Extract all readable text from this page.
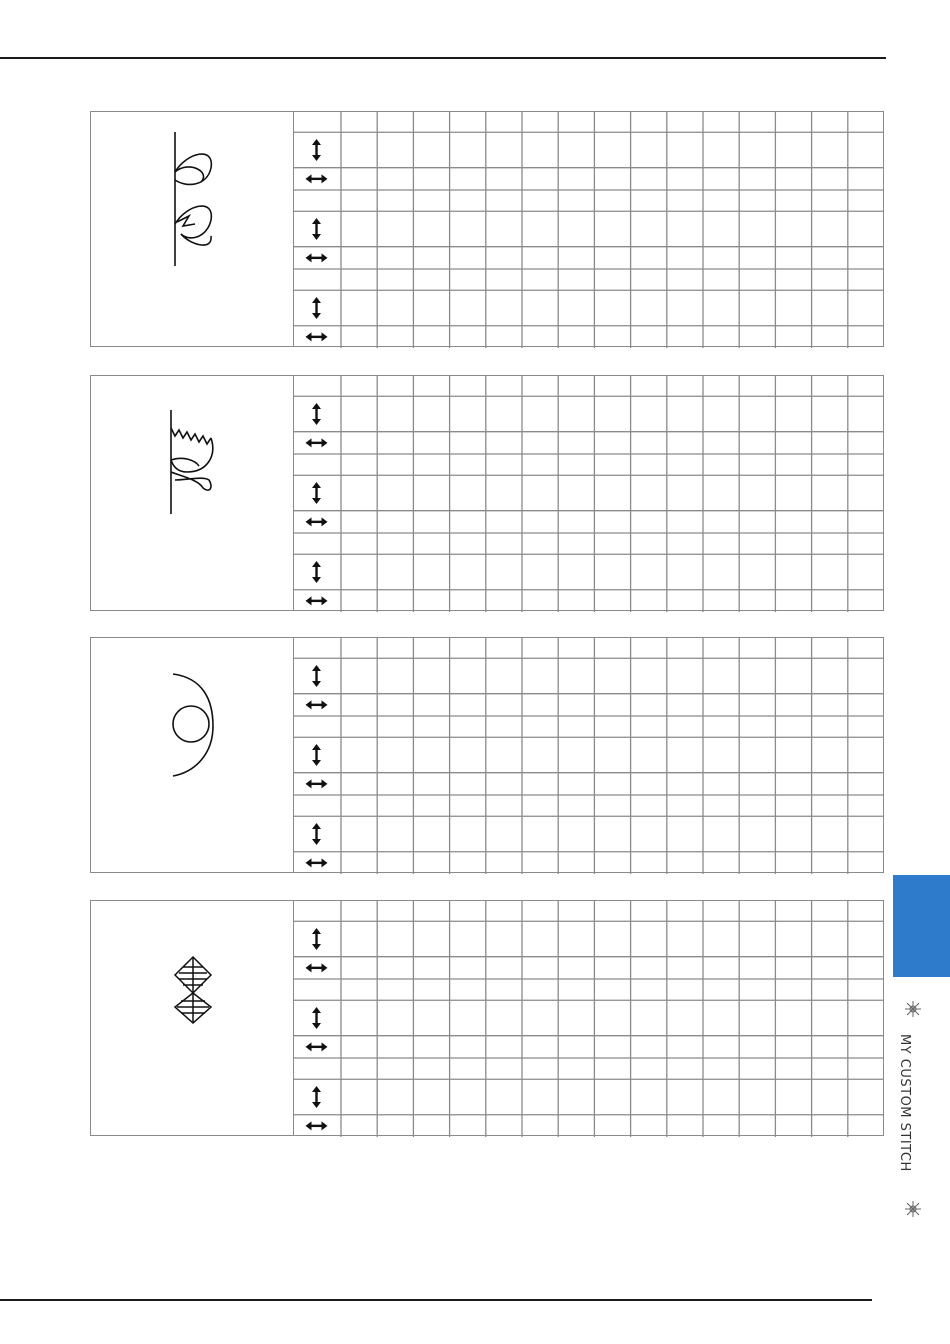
MY CUSTOM STITCH
